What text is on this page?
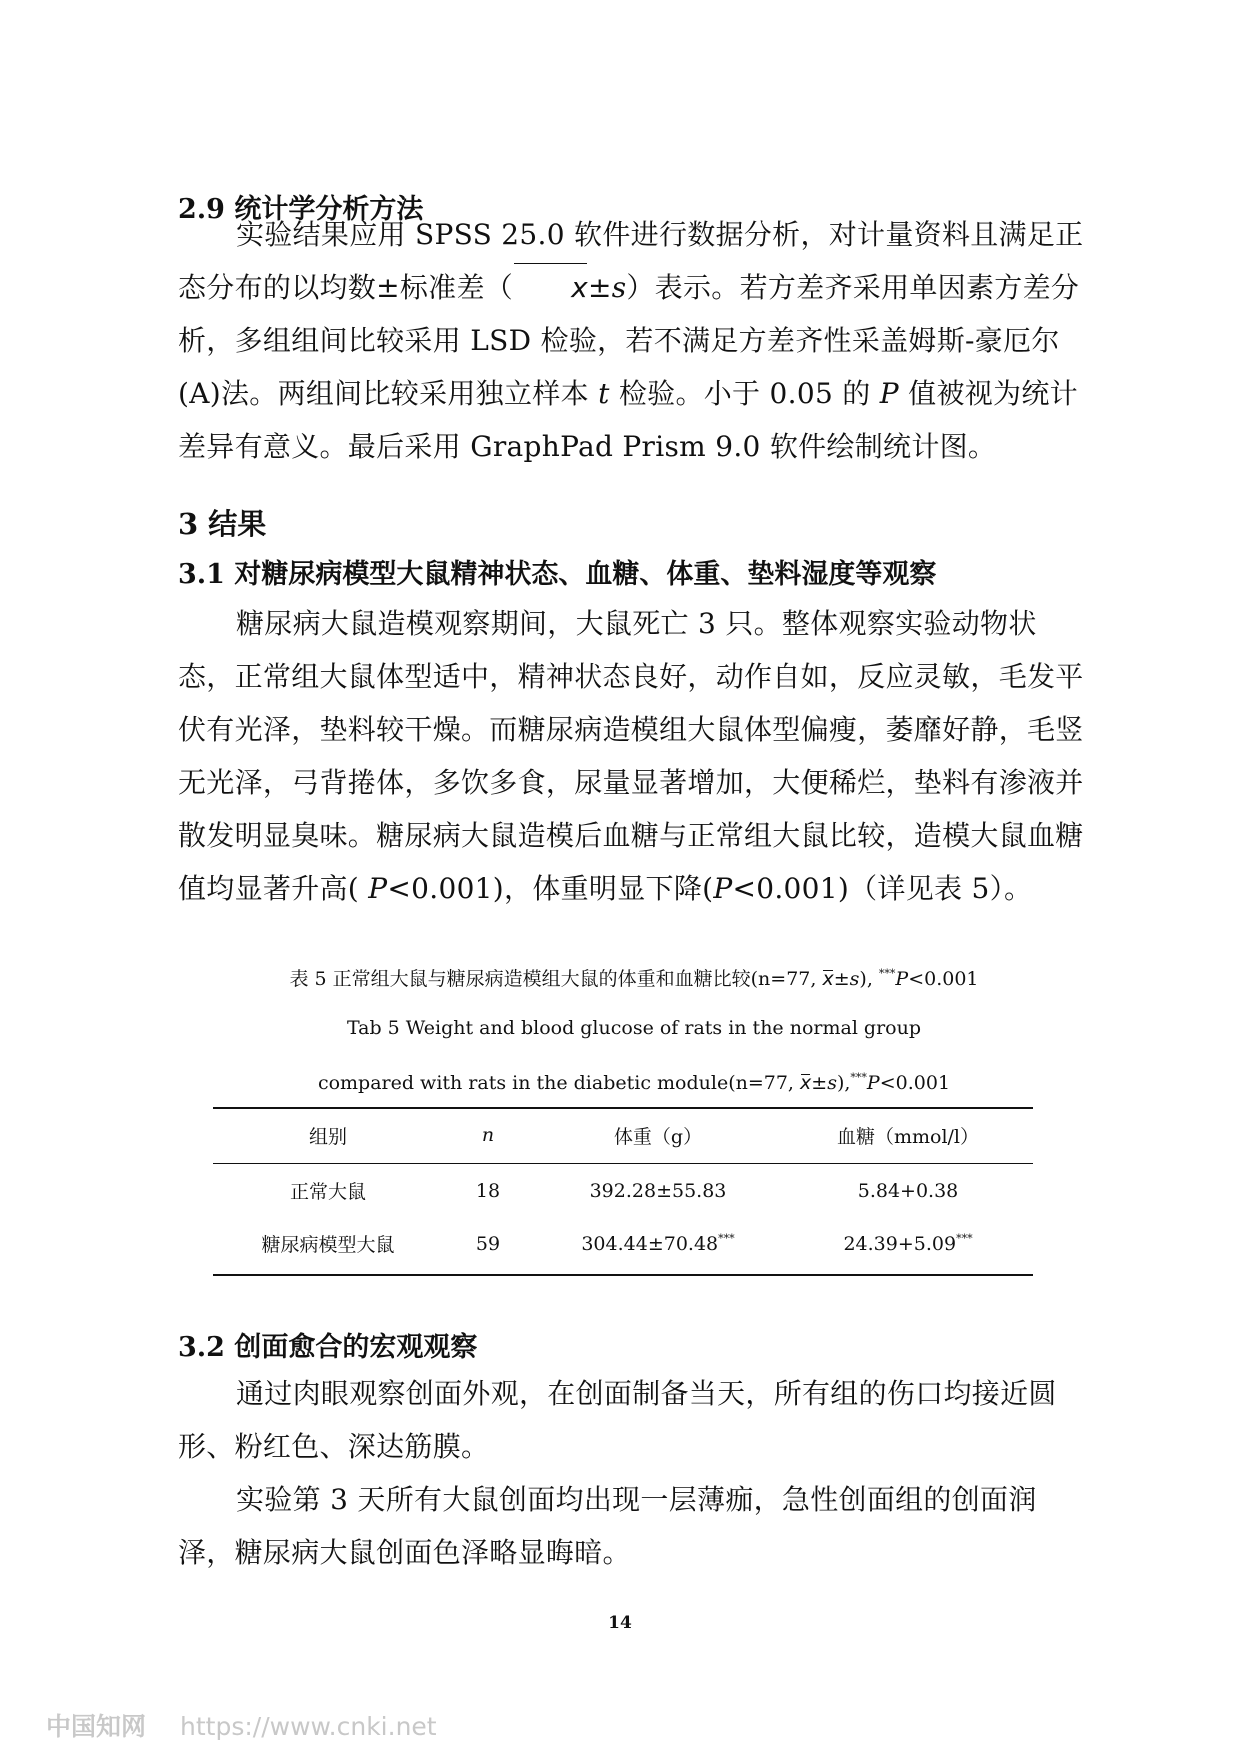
2.9 统计学分析方法

实验结果应用 SPSS 25.0 软件进行数据分析，对计量资料且满足正态分布的以均数±标准差（ x±s）表示。若方差齐采用单因素方差分析，多组组间比较采用 LSD 检验，若不满足方差齐性采盖姆斯-豪厄尔(A)法。两组间比较采用独立样本 t 检验。小于 0.05 的 P 值被视为统计差异有意义。最后采用 GraphPad Prism 9.0 软件绘制统计图。

3 结果
3.1 对糖尿病模型大鼠精神状态、血糖、体重、垫料湿度等观察

糖尿病大鼠造模观察期间，大鼠死亡 3 只。整体观察实验动物状态，正常组大鼠体型适中，精神状态良好，动作自如，反应灵敏，毛发平伏有光泽，垫料较干燥。而糖尿病造模组大鼠体型偏瘦，萎靡好静，毛竖无光泽，弓背捲体，多饮多食，尿量显著增加，大便稀烂，垫料有渗液并散发明显臭味。糖尿病大鼠造模后血糖与正常组大鼠比较，造模大鼠血糖值均显著升高( P<0.001)，体重明显下降(P<0.001)（详见表 5）。

表 5 正常组大鼠与糖尿病造模组大鼠的体重和血糖比较(n=77, x±s), ***P<0.001
Tab 5 Weight and blood glucose of rats in the normal group
compared with rats in the diabetic module(n=77, x±s),***P<0.001
组别	n	体重（g）	血糖（mmol/l）
正常大鼠	18	392.28±55.83	5.84+0.38
糖尿病模型大鼠	59	304.44±70.48***	24.39+5.09***
3.2 创面愈合的宏观观察

通过肉眼观察创面外观，在创面制备当天，所有组的伤口均接近圆形、粉红色、深达筋膜。

实验第 3 天所有大鼠创面均出现一层薄痂，急性创面组的创面润泽，糖尿病大鼠创面色泽略显晦暗。

14
中国知网 https://www.cnki.net
